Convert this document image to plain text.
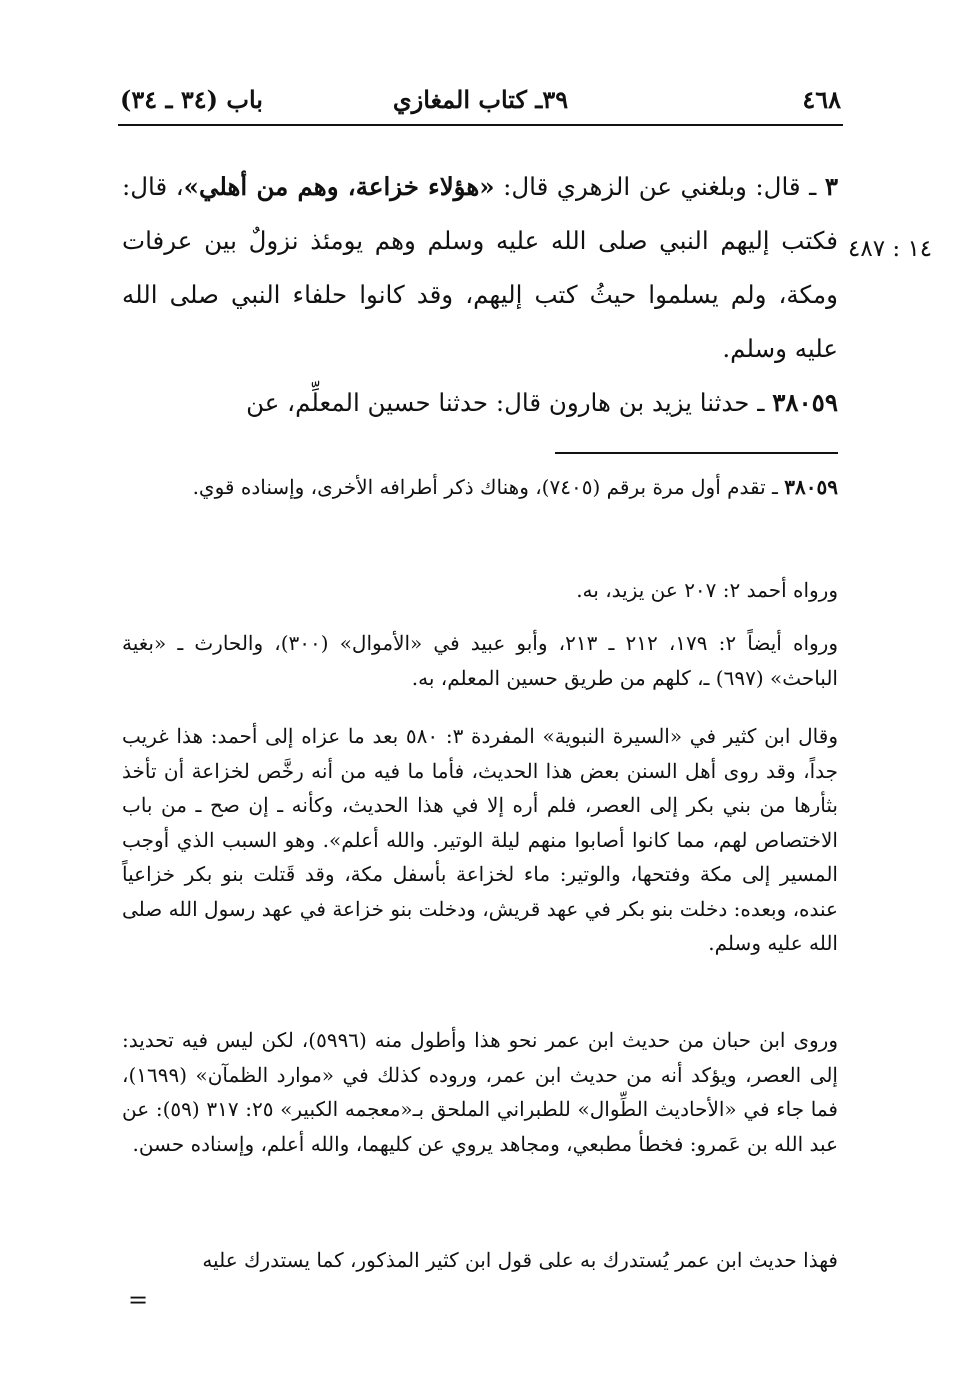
باب (٣٤ ـ ٣٤)	٣٩ـ كتاب المغازي	٤٦٨
١٤ : ٤٨٧
٣ ـ قال: وبلغني عن الزهري قال: «هؤلاء خزاعة، وهم من أهلي»، قال: فكتب إليهم النبي صلى الله عليه وسلم وهم يومئذ نزولٌ بين عرفات ومكة، ولم يسلموا حيثُ كتب إليهم، وقد كانوا حلفاء النبي صلى الله عليه وسلم.
٣٨٠٥٩ ـ حدثنا يزيد بن هارون قال: حدثنا حسين المعلِّم، عن
٣٨٠٥٩ ـ تقدم أول مرة برقم (٧٤٠٥)، وهناك ذكر أطرافه الأخرى، وإسناده قوي.
ورواه أحمد ٢: ٢٠٧ عن يزيد، به.
ورواه أيضاً ٢: ١٧٩، ٢١٢ ـ ٢١٣، وأبو عبيد في «الأموال» (٣٠٠)، والحارث ـ «بغية الباحث» (٦٩٧) ـ، كلهم من طريق حسين المعلم، به.
وقال ابن كثير في «السيرة النبوية» المفردة ٣: ٥٨٠ بعد ما عزاه إلى أحمد: هذا غريب جداً، وقد روى أهل السنن بعض هذا الحديث، فأما ما فيه من أنه رخَّص لخزاعة أن تأخذ بثأرها من بني بكر إلى العصر، فلم أره إلا في هذا الحديث، وكأنه ـ إن صح ـ من باب الاختصاص لهم، مما كانوا أصابوا منهم ليلة الوتير. والله أعلم». وهو السبب الذي أوجب المسير إلى مكة وفتحها، والوتير: ماء لخزاعة بأسفل مكة، وقد قَتلت بنو بكر خزاعياً عنده، وبعده: دخلت بنو بكر في عهد قريش، ودخلت بنو خزاعة في عهد رسول الله صلى الله عليه وسلم.
وروى ابن حبان من حديث ابن عمر نحو هذا وأطول منه (٥٩٩٦)، لكن ليس فيه تحديد: إلى العصر، ويؤكد أنه من حديث ابن عمر، وروده كذلك في «موارد الظمآن» (١٦٩٩)، فما جاء في «الأحاديث الطِّوال» للطبراني الملحق بـ«معجمه الكبير» ٢٥: ٣١٧ (٥٩): عن عبد الله بن عَمرو: فخطأ مطبعي، ومجاهد يروي عن كليهما، والله أعلم، وإسناده حسن.
فهذا حديث ابن عمر يُستدرك به على قول ابن كثير المذكور، كما يستدرك عليه
=
